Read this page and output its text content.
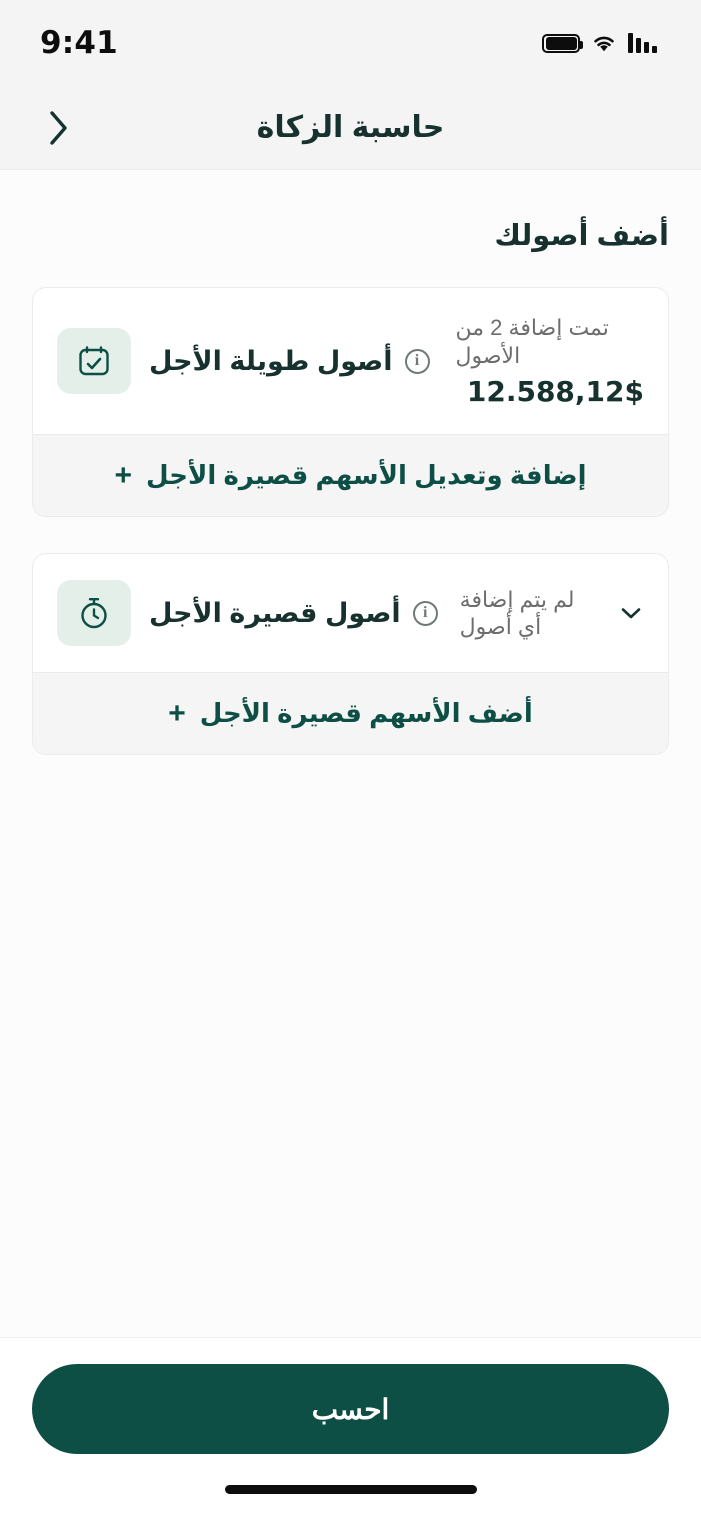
9:41
حاسبة الزكاة
أضف أصولك
أصول طويلة الأجل	i
تمت إضافة 2 من الأصول
12.588,12$
+ إضافة وتعديل الأسهم قصيرة الأجل
أصول قصيرة الأجل	i
لم يتم إضافة أي أصول
+ أضف الأسهم قصيرة الأجل
احسب
